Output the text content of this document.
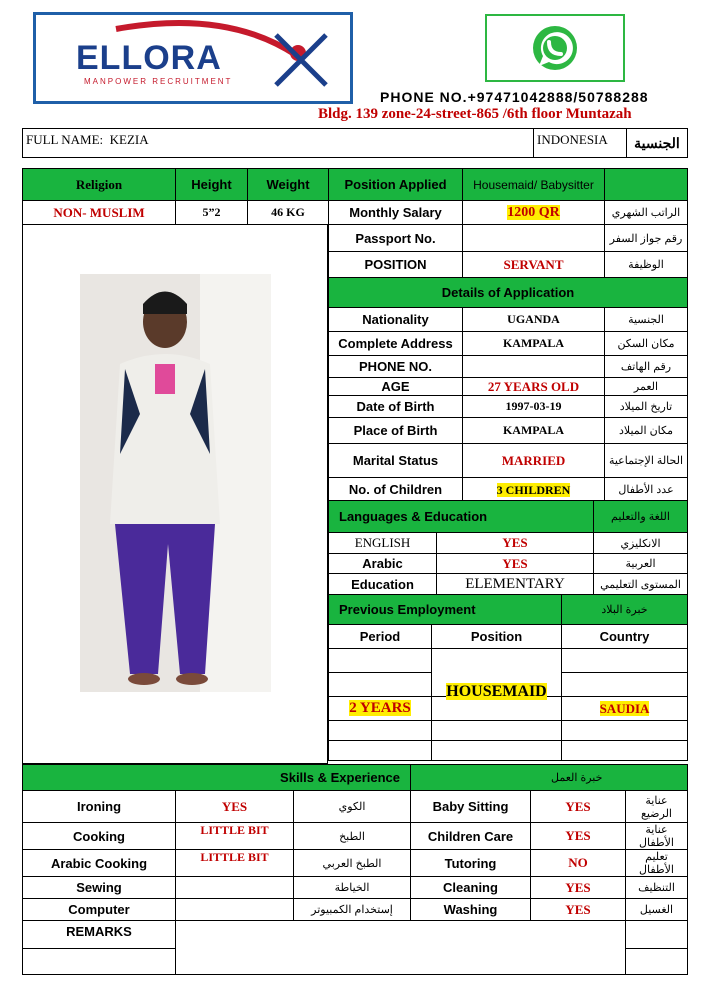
ELLORA
MANPOWER RECRUITMENT
PHONE NO.+97471042888/50788288
Bldg. 139 zone-24-street-865 /6th floor Muntazah
FULL NAME: KEZIA	INDONESIA	الجنسية
Religion	Height	Weight	Position Applied	Housemaid/ Babysitter	
NON- MUSLIM	5”2	46 KG	Monthly Salary	1200 QR	الراتب الشهري
Passport No.		رقم جواز السفر
POSITION	SERVANT	الوظيفة
Details of Application		
Nationality	UGANDA	الجنسية
Complete Address	KAMPALA	مكان السكن
PHONE NO.		رقم الهاتف
AGE	27 YEARS OLD	العمر
Date of Birth	1997-03-19	تاريخ الميلاد
Place of Birth	KAMPALA	مكان الميلاد
Marital Status	MARRIED	الحالة الإجتماعية
No. of Children	3 CHILDREN	عدد الأطفال
Languages & Education		اللغة والتعليم
ENGLISH	YES	الانكليزي
Arabic	YES	العربية
Education	ELEMENTARY	المستوى التعليمي
Previous Employment		خبرة البلاد
Period	Position	Country

2 YEARS	HOUSEMAID	SAUDIA

Skills & Experience			خبرة العمل		
Ironing	YES	الكوي	Baby Sitting	YES	عناية الرضيع
Cooking	LITTLE BIT	الطبخ	Children Care	YES	عناية الأطفال
Arabic Cooking	LITTLE BIT	الطبخ العربي	Tutoring	NO	تعليم الأطفال
Sewing		الخياطة	Cleaning	YES	التنظيف
Computer		إستخدام الكمبيوتر	Washing	YES	الغسيل
REMARKS					
